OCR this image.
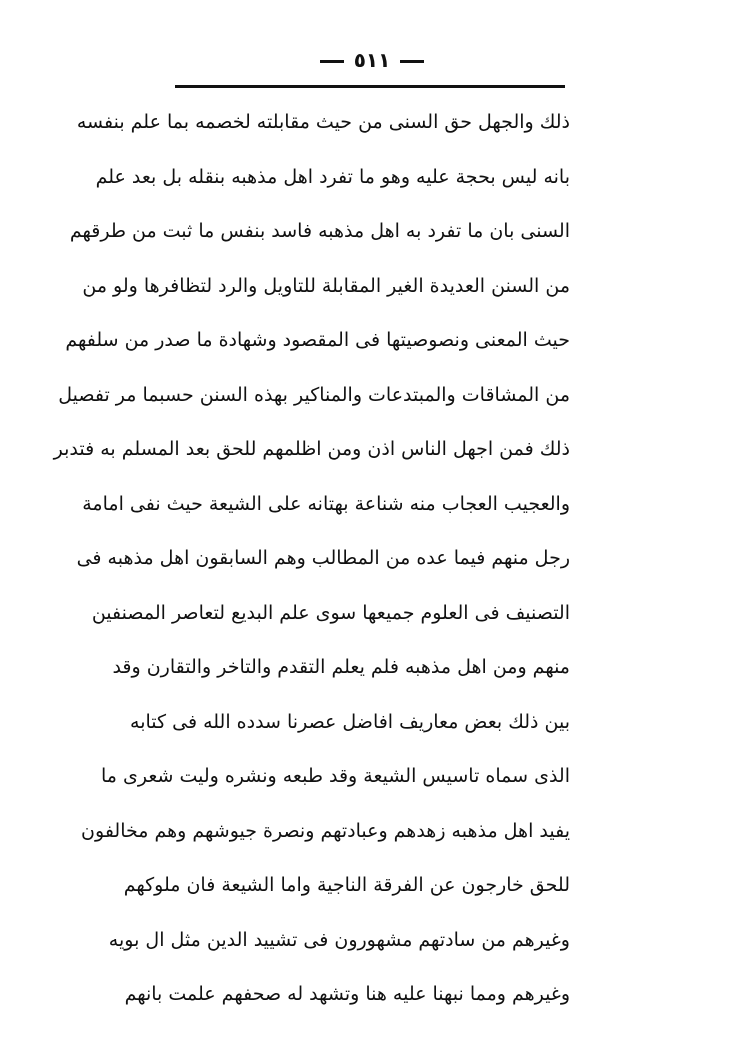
٥١١
ذلك والجهل حق السنى من حيث مقابلته لخصمه بما علم بنفسه
بانه ليس بحجة عليه وهو ما تفرد اهل مذهبه بنقله بل بعد علم
السنى بان ما تفرد به اهل مذهبه فاسد بنفس ما ثبت من طرقهم
من السنن العديدة الغير المقابلة للتاويل والرد لتظافرها ولو من
حيث المعنى ونصوصيتها فى المقصود وشهادة ما صدر من سلفهم
من المشاقات والمبتدعات والمناكير بهذه السنن حسبما مر تفصيل
ذلك فمن اجهل الناس اذن ومن اظلمهم للحق بعد المسلم به فتدبر
والعجيب العجاب منه شناعة بهتانه على الشيعة حيث نفى امامة
رجل منهم فيما عده من المطالب وهم السابقون اهل مذهبه فى
التصنيف فى العلوم جميعها سوى علم البديع لتعاصر المصنفين
منهم ومن اهل مذهبه فلم يعلم التقدم والتاخر والتقارن وقد
بين ذلك بعض معاريف افاضل عصرنا سدده الله فى كتابه
الذى سماه تاسيس الشيعة وقد طبعه ونشره وليت شعرى ما
يفيد اهل مذهبه زهدهم وعبادتهم ونصرة جيوشهم وهم مخالفون
للحق خارجون عن الفرقة الناجية واما الشيعة فان ملوكهم
وغيرهم من سادتهم مشهورون فى تشييد الدين مثل ال بويه
وغيرهم ومما نبهنا عليه هنا وتشهد له صحفهم علمت بانهم
